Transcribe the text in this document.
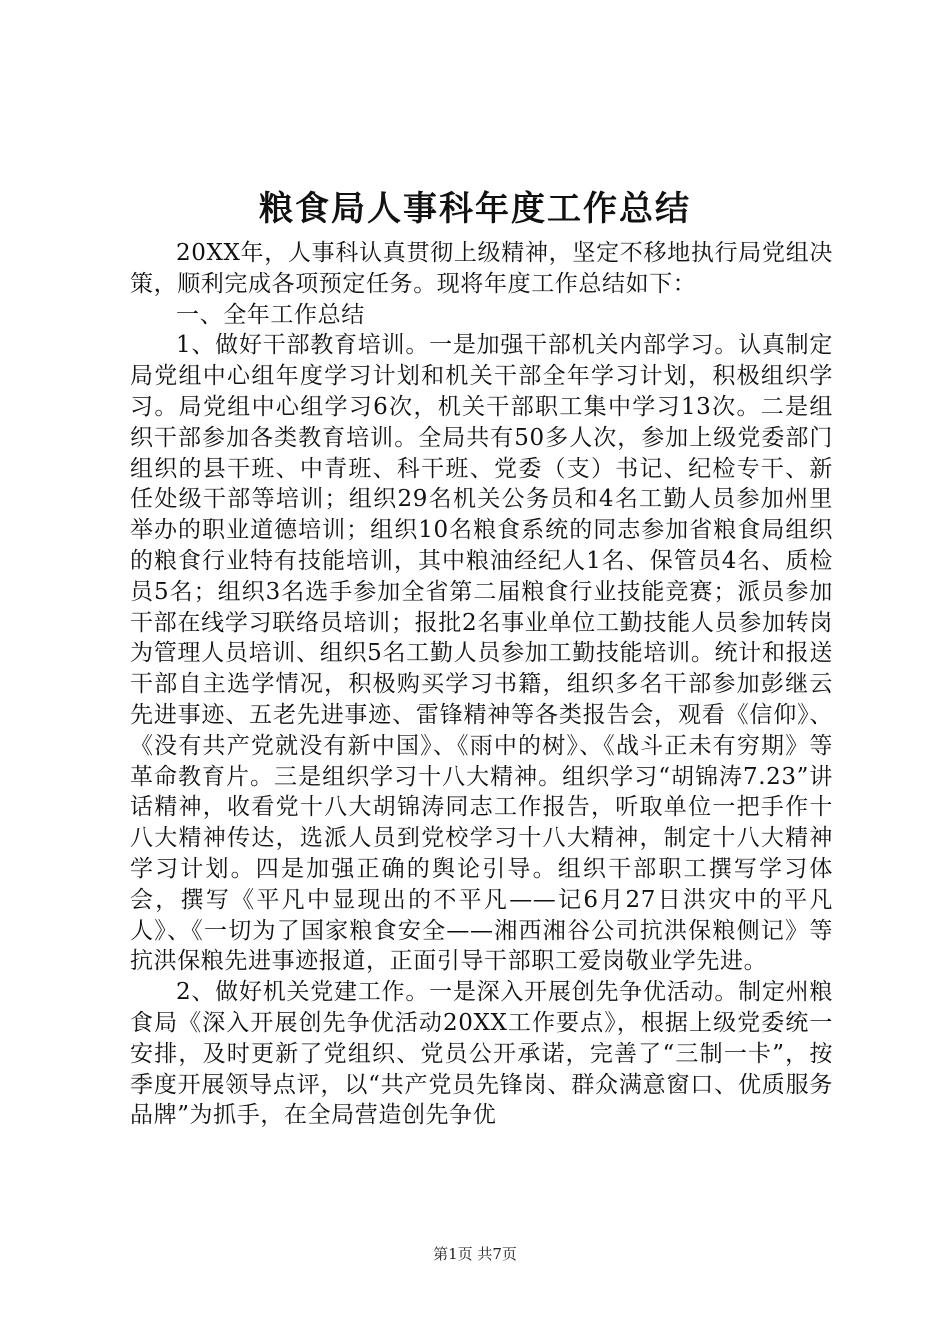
粮食局人事科年度工作总结

20XX年，人事科认真贯彻上级精神，坚定不移地执行局党组决策，顺利完成各项预定任务。现将年度工作总结如下：

一、全年工作总结

1、做好干部教育培训。一是加强干部机关内部学习。认真制定局党组中心组年度学习计划和机关干部全年学习计划，积极组织学习。局党组中心组学习6次，机关干部职工集中学习13次。二是组织干部参加各类教育培训。全局共有50多人次，参加上级党委部门组织的县干班、中青班、科干班、党委（支）书记、纪检专干、新任处级干部等培训；组织29名机关公务员和4名工勤人员参加州里举办的职业道德培训；组织10名粮食系统的同志参加省粮食局组织的粮食行业特有技能培训，其中粮油经纪人1名、保管员4名、质检员5名；组织3名选手参加全省第二届粮食行业技能竞赛；派员参加干部在线学习联络员培训；报批2名事业单位工勤技能人员参加转岗为管理人员培训、组织5名工勤人员参加工勤技能培训。统计和报送干部自主选学情况，积极购买学习书籍，组织多名干部参加彭继云先进事迹、五老先进事迹、雷锋精神等各类报告会，观看《信仰》、《没有共产党就没有新中国》、《雨中的树》、《战斗正未有穷期》等革命教育片。三是组织学习十八大精神。组织学习“胡锦涛7.23”讲话精神，收看党十八大胡锦涛同志工作报告，听取单位一把手作十八大精神传达，选派人员到党校学习十八大精神，制定十八大精神学习计划。四是加强正确的舆论引导。组织干部职工撰写学习体会，撰写《平凡中显现出的不平凡——记6月27日洪灾中的平凡人》、《一切为了国家粮食安全——湘西湘谷公司抗洪保粮侧记》等抗洪保粮先进事迹报道，正面引导干部职工爱岗敬业学先进。

2、做好机关党建工作。一是深入开展创先争优活动。制定州粮食局《深入开展创先争优活动20XX工作要点》，根据上级党委统一安排，及时更新了党组织、党员公开承诺，完善了“三制一卡”，按季度开展领导点评，以“共产党员先锋岗、群众满意窗口、优质服务品牌”为抓手，在全局营造创先争优

第1页 共7页
